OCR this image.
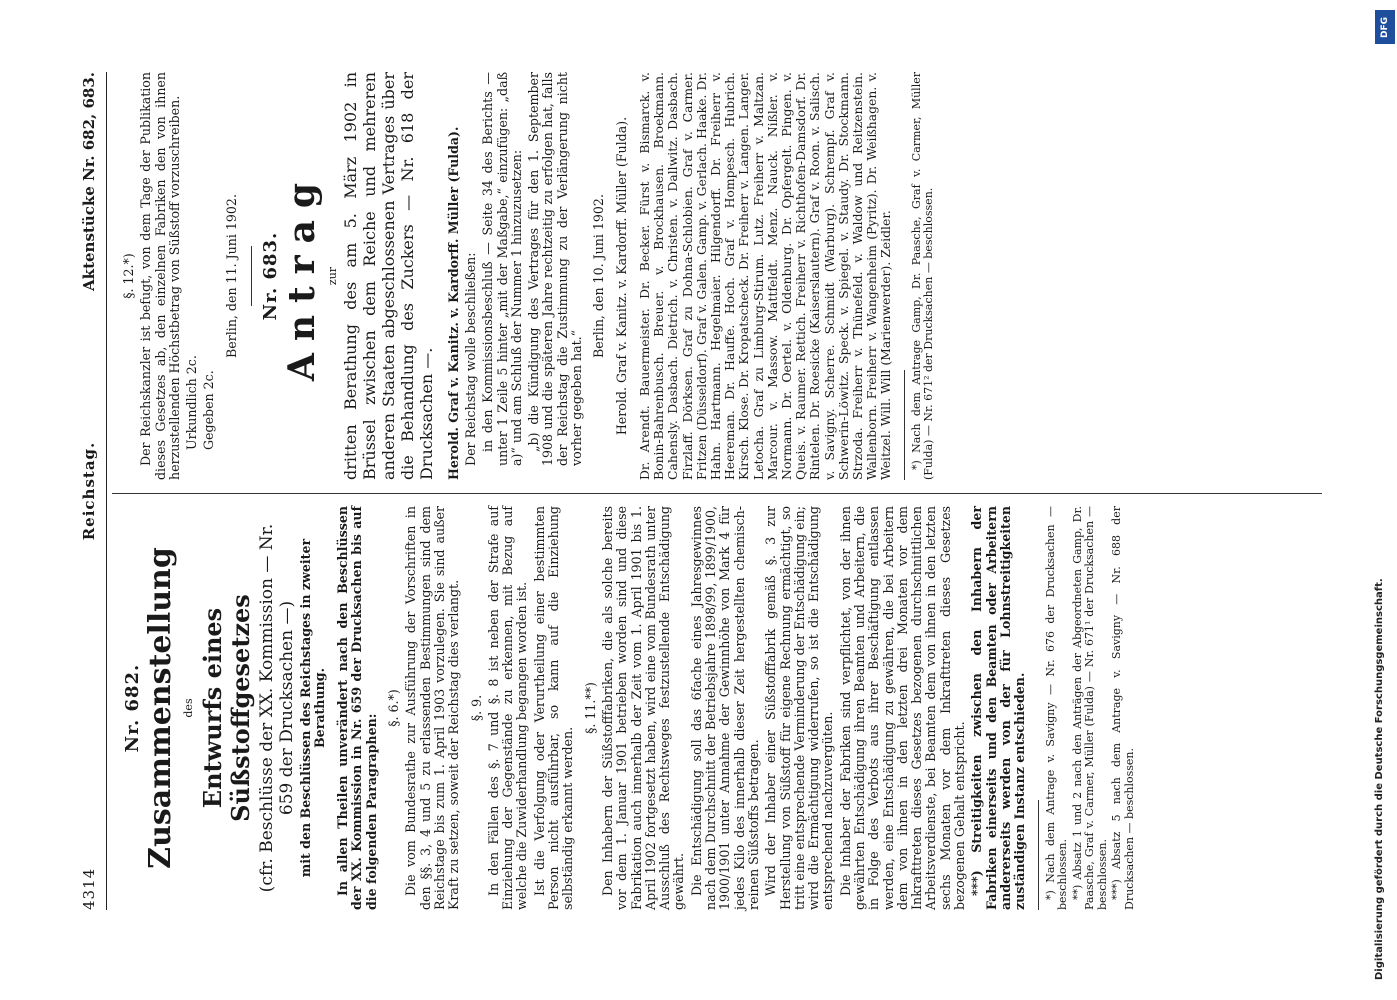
4314
Reichstag.
Aktenstücke Nr. 682, 683.
Nr. 682. Zusammenstellung des Entwurfs eines Süßstoffgesetzes (cfr. Beschlüsse der XX. Kommission — Nr. 659 der Drucksachen —) mit den Beschlüssen des Reichstages in zweiter Berathung. In allen Theilen unverändert nach den Beschlüssen der XX. Kommission in Nr. 659 der Drucksachen bis auf die folgenden Paragraphen:

§. 6.*) Die vom Bundesrathe zur Ausführung der Vorschriften in den §§. 3, 4 und 5 zu erlassenden Bestimmungen sind dem Reichstage bis zum 1. April 1903 vorzulegen. Sie sind außer Kraft zu setzen, soweit der Reichstag dies verlangt. §. 9. In den Fällen des §. 7 und §. 8 ist neben der Strafe auf Einziehung der Gegenstände zu erkennen, mit Bezug auf welche die Zuwiderhandlung begangen worden ist. Ist die Verfolgung oder Verurtheilung einer bestimmten Person nicht ausführbar, so kann auf die Einziehung selbständig erkannt werden.

§. 11.**) Den Inhabern der Süßstofffabriken, die als solche bereits vor dem 1. Januar 1901 betrieben worden sind und diese Fabrikation auch innerhalb der Zeit vom 1. April 1901 bis 1. April 1902 fortgesetzt haben, wird eine vom Bundesrath unter Ausschluß des Rechtsweges festzustellende Entschädigung gewährt. Die Entschädigung soll das 6fache eines Jahresgewinnes nach dem Durchschnitt der Betriebsjahre 1898/99, 1899/1900, 1900/1901 unter Annahme der Gewinnhöhe von Mark 4 für jedes Kilo des innerhalb dieser Zeit hergestellten chemisch-reinen Süßstoffs betragen. Wird der Inhaber einer Süßstofffabrik gemäß §. 3 zur Herstellung von Süßstoff für eigene Rechnung ermächtigt, so tritt eine entsprechende Verminderung der Entschädigung ein; wird die Ermächtigung widerrufen, so ist die Entschädigung entsprechend nachzuvergüten. Die Inhaber der Fabriken sind verpflichtet, von der ihnen gewährten Entschädigung ihren Beamten und Arbeitern, die in Folge des Verbots aus ihrer Beschäftigung entlassen werden, eine Entschädigung zu gewähren, die bei Arbeitern dem von ihnen in den letzten drei Monaten vor dem Inkrafttreten dieses Gesetzes bezogenen durchschnittlichen Arbeitsverdienste, bei Beamten dem von ihnen in den letzten sechs Monaten vor dem Inkrafttreten dieses Gesetzes bezogenen Gehalt entspricht. ***) Streitigkeiten zwischen den Inhabern der Fabriken einerseits und den Beamten oder Arbeitern andererseits werden von der für Lohnstreitigkeiten zuständigen Instanz entschieden. *) Nach dem Antrage v. Savigny — Nr. 676 der Drucksachen — beschlossen. **) Absatz 1 und 2 nach den Anträgen der Abgeordneten Gamp, Dr. Paasche, Graf v. Carmer, Müller (Fulda) — Nr. 671¹ der Drucksachen — beschlossen. ***) Absatz 5 nach dem Antrage v. Savigny — Nr. 688 der Drucksachen — beschlossen.

§. 12.*) Der Reichskanzler ist befugt, von dem Tage der Publikation dieses Gesetzes ab, den einzelnen Fabriken den von ihnen herzustellenden Höchstbetrag von Süßstoff vorzuschreiben. Urkundlich 2c. Gegeben 2c.

Berlin, den 11. Juni 1902. Nr. 683. Antrag zur dritten Berathung des am 5. März 1902 in Brüssel zwischen dem Reiche und mehreren anderen Staaten abgeschlossenen Vertrages über die Behandlung des Zuckers — Nr. 618 der Drucksachen —. Herold. Graf v. Kanitz. v. Kardorff. Müller (Fulda). Der Reichstag wolle beschließen: in den Kommissionsbeschluß — Seite 34 des Berichts — unter 1 Zeile 5 hinter „mit der Maßgabe,“ einzufügen: „daß a)“ und am Schluß der Nummer 1 hinzuzusetzen: „b) die Kündigung des Vertrages für den 1. September 1908 und die späteren Jahre rechtzeitig zu erfolgen hat, falls der Reichstag die Zustimmung zu der Verlängerung nicht vorher gegeben hat.“

Berlin, den 10. Juni 1902. Herold. Graf v. Kanitz. v. Kardorff. Müller (Fulda). Dr. Arendt. Bauermeister. Dr. Becker. Fürst v. Bismarck. v. Bonin-Bahrenbusch. Breuer. v. Brockhausen. Broekmann. Cahensly. Dasbach. Dietrich. v. Christen. v. Dallwitz. Dasbach. Firzlaff. Dörksen. Graf zu Dohna-Schlobien. Graf v. Carmer. Fritzen (Düsseldorf). Graf v. Galen. Gamp. v. Gerlach. Haake. Dr. Hahn. Hartmann. Hegelmaier. Hilgendorff. Dr. Freiherr v. Heereman. Dr. Hauffe. Hoch. Graf v. Hompesch. Hubrich. Kirsch. Klose. Dr. Kropatscheck. Dr. Freiherr v. Langen. Langer. Letocha. Graf zu Limburg-Stirum. Lutz. Freiherr v. Maltzan. Marcour. v. Massow. Mattfeldt. Menz. Nauck. Nißler. v. Normann. Dr. Oertel. v. Oldenburg. Dr. Opfergelt. Pingen. v. Queis. v. Raumer. Rettich. Freiherr v. Richthofen-Damsdorf. Dr. Rintelen. Dr. Roesicke (Kaiserslautern). Graf v. Roon. v. Salisch. v. Savigny. Scherre. Schmidt (Warburg). Schrempf. Graf v. Schwerin-Löwitz. Speck. v. Spiegel. v. Staudy. Dr. Stockmann. Strzoda. Freiherr v. Thünefeld. v. Waldow und Reitzenstein. Wallenborn. Freiherr v. Wangenheim (Pyritz). Dr. Weißhagen. v. Weitzel. Will. Will (Marienwerder). Zeidler. *) Nach dem Antrage Gamp, Dr. Paasche, Graf v. Carmer, Müller (Fulda) — Nr. 671² der Drucksachen — beschlossen.

DFG
Digitalisierung gefördert durch die Deutsche Forschungsgemeinschaft.
